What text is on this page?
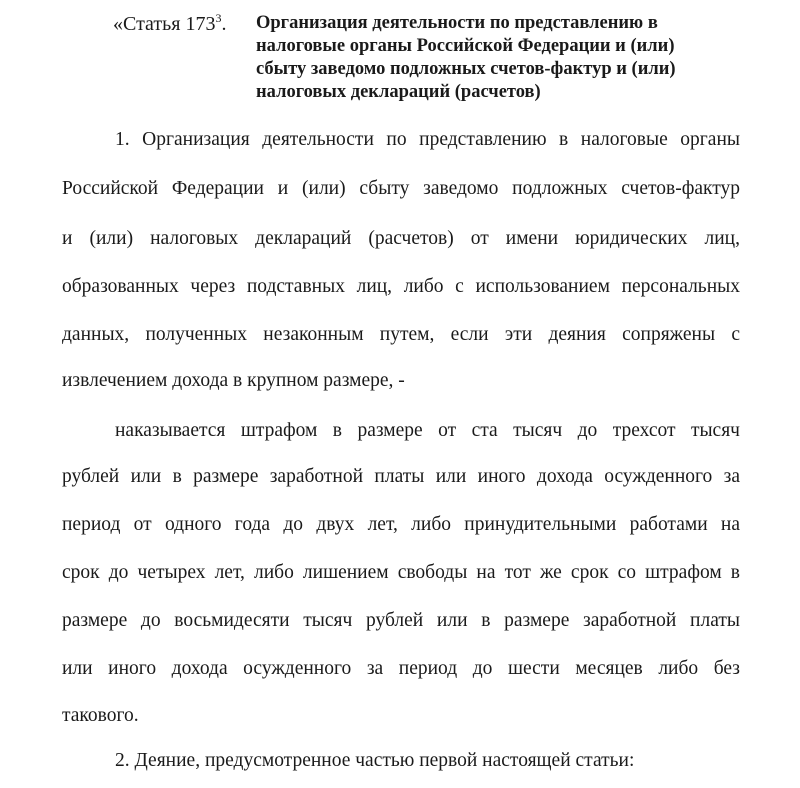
«Статья $173^3$. Организация деятельности по представлению в
налоговые органы Российской Федерации и (или)
сбыту заведомо подложных счетов-фактур и (или)
налоговых деклараций (расчетов)
1. Организация деятельности по представлению в налоговые органы
Российской Федерации и (или) сбыту заведомо подложных счетов-фактур
и (или) налоговых деклараций (расчетов) от имени юридических лиц,
образованных через подставных лиц, либо с использованием персональных
данных, полученных незаконным путем, если эти деяния сопряжены с
извлечением дохода в крупном размере, -
наказывается штрафом в размере от ста тысяч до трехсот тысяч
рублей или в размере заработной платы или иного дохода осужденного за
период от одного года до двух лет, либо принудительными работами на
срок до четырех лет, либо лишением свободы на тот же срок со штрафом в
размере до восьмидесяти тысяч рублей или в размере заработной платы
или иного дохода осужденного за период до шести месяцев либо без
такового.
2. Деяние, предусмотренное частью первой настоящей статьи:
